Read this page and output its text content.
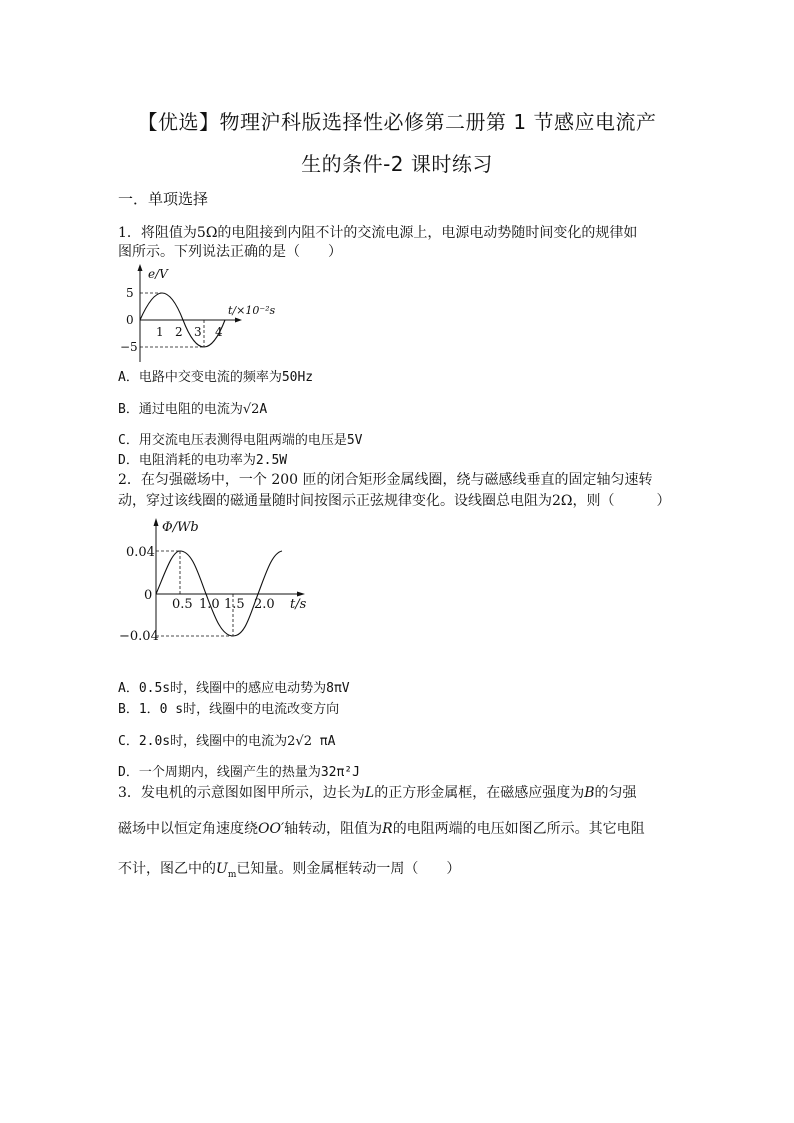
【优选】物理沪科版选择性必修第二册第 1 节感应电流产
生的条件-2 课时练习
一．单项选择
1．将阻值为5Ω的电阻接到内阻不计的交流电源上，电源电动势随时间变化的规律如
图所示。下列说法正确的是（　　）
e/V
t/×10⁻²s
5
0
−5
1 2 3 4
A．电路中交变电流的频率为50Hz
B．通过电阻的电流为√2A
C．用交流电压表测得电阻两端的电压是5V
D．电阻消耗的电功率为2.5W
2．在匀强磁场中，一个 200 匝的闭合矩形金属线圈，绕与磁感线垂直的固定轴匀速转
动，穿过该线圈的磁通量随时间按图示正弦规律变化。设线圈总电阻为2Ω，则（　　　）
Φ/Wb
t/s
0.04
0
−0.04
0.5 1.0 1.5 2.0
A．0.5s时，线圈中的感应电动势为8πV
B．1．0 s时，线圈中的电流改变方向
C．2.0s时，线圈中的电流为2√2 πA
D．一个周期内，线圈产生的热量为32π²J
3．发电机的示意图如图甲所示，边长为L的正方形金属框，在磁感应强度为B的匀强
磁场中以恒定角速度绕OO′轴转动，阻值为R的电阻两端的电压如图乙所示。其它电阻
不计，图乙中的$U_m$已知量。则金属框转动一周（　　）
